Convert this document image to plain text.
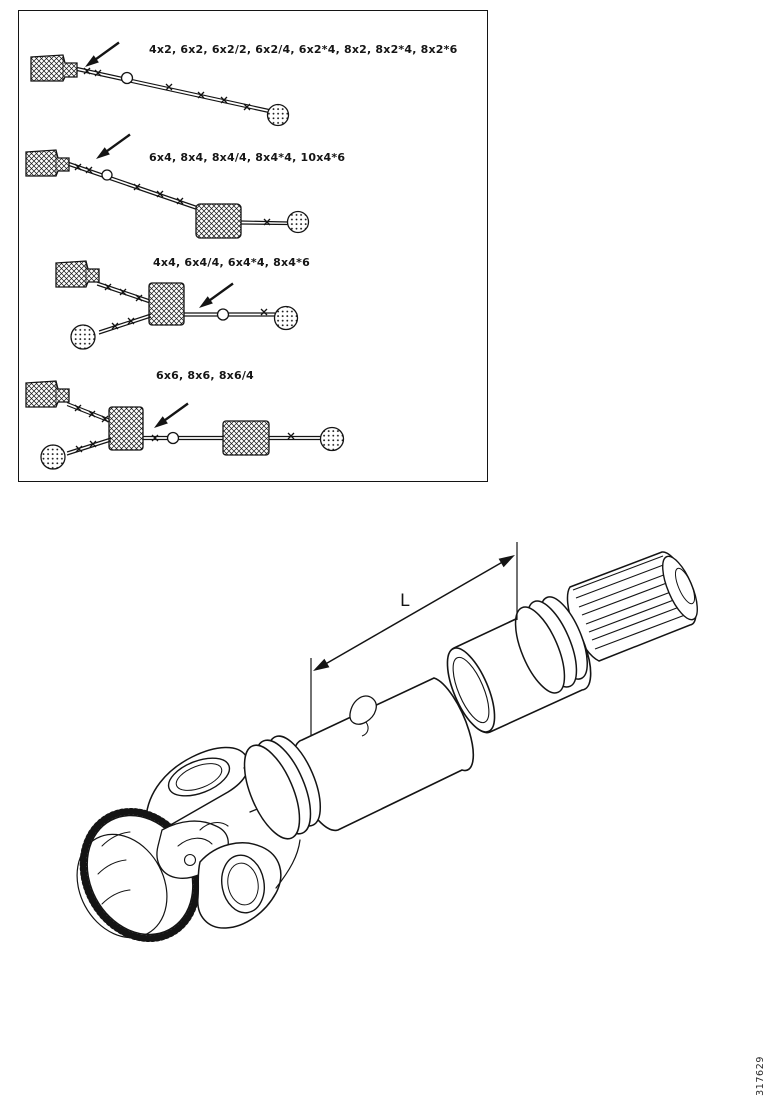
4x2, 6x2, 6x2/2, 6x2/4, 6x2*4, 8x2, 8x2*4, 8x2*6
6x4, 8x4, 8x4/4, 8x4*4, 10x4*6
4x4, 6x4/4, 6x4*4, 8x4*6
6x6, 8x6, 8x6/4
L
317629
